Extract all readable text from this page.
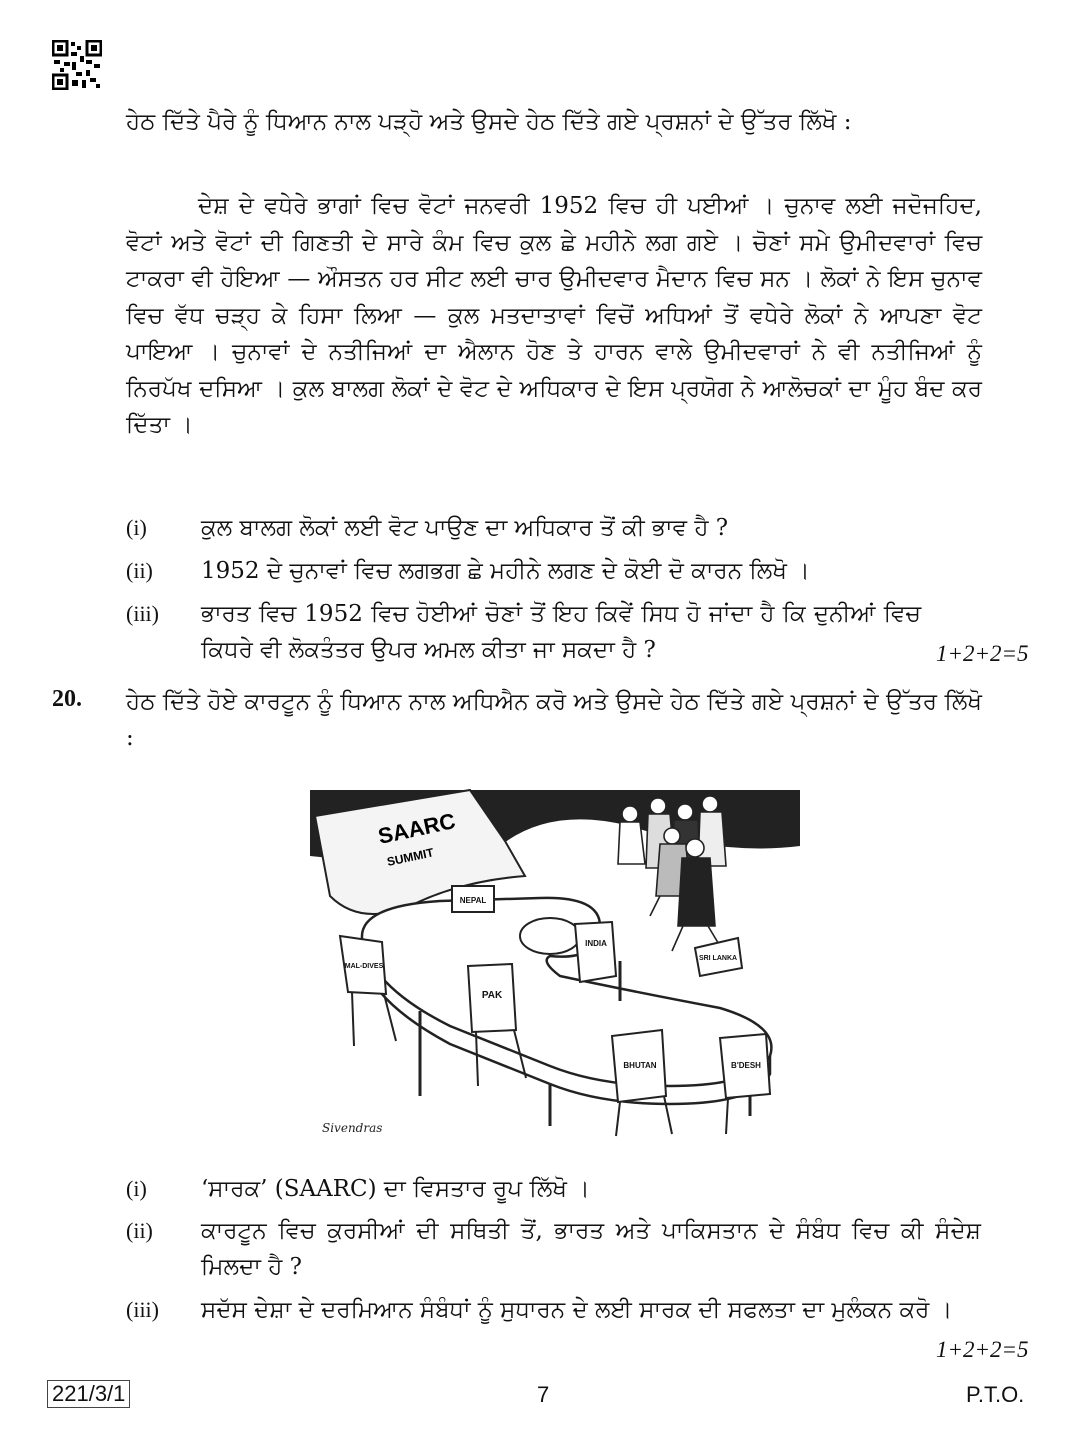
ਹੇਠ ਦਿੱਤੇ ਪੈਰੇ ਨੂੰ ਧਿਆਨ ਨਾਲ ਪੜ੍ਹੋ ਅਤੇ ਉਸਦੇ ਹੇਠ ਦਿੱਤੇ ਗਏ ਪ੍ਰਸ਼ਨਾਂ ਦੇ ਉੱਤਰ ਲਿੱਖੋ :
ਦੇਸ਼ ਦੇ ਵਧੇਰੇ ਭਾਗਾਂ ਵਿਚ ਵੋਟਾਂ ਜਨਵਰੀ 1952 ਵਿਚ ਹੀ ਪਈਆਂ । ਚੁਨਾਵ ਲਈ ਜਦੋਜਹਿਦ, ਵੋਟਾਂ ਅਤੇ ਵੋਟਾਂ ਦੀ ਗਿਣਤੀ ਦੇ ਸਾਰੇ ਕੰਮ ਵਿਚ ਕੁਲ ਛੇ ਮਹੀਨੇ ਲਗ ਗਏ । ਚੋਣਾਂ ਸਮੇ ਉਮੀਦਵਾਰਾਂ ਵਿਚ ਟਾਕਰਾ ਵੀ ਹੋਇਆ — ਔਸਤਨ ਹਰ ਸੀਟ ਲਈ ਚਾਰ ਉਮੀਦਵਾਰ ਮੈਦਾਨ ਵਿਚ ਸਨ । ਲੋਕਾਂ ਨੇ ਇਸ ਚੁਨਾਵ ਵਿਚ ਵੱਧ ਚੜ੍ਹ ਕੇ ਹਿਸਾ ਲਿਆ — ਕੁਲ ਮਤਦਾਤਾਵਾਂ ਵਿਚੋਂ ਅਧਿਆਂ ਤੋਂ ਵਧੇਰੇ ਲੋਕਾਂ ਨੇ ਆਪਣਾ ਵੋਟ ਪਾਇਆ । ਚੁਨਾਵਾਂ ਦੇ ਨਤੀਜਿਆਂ ਦਾ ਐਲਾਨ ਹੋਣ ਤੇ ਹਾਰਨ ਵਾਲੇ ਉਮੀਦਵਾਰਾਂ ਨੇ ਵੀ ਨਤੀਜਿਆਂ ਨੂੰ ਨਿਰਪੱਖ ਦਸਿਆ । ਕੁਲ ਬਾਲਗ ਲੋਕਾਂ ਦੇ ਵੋਟ ਦੇ ਅਧਿਕਾਰ ਦੇ ਇਸ ਪ੍ਰਯੋਗ ਨੇ ਆਲੋਚਕਾਂ ਦਾ ਮੂੰਹ ਬੰਦ ਕਰ ਦਿੱਤਾ ।
(i)	ਕੁਲ ਬਾਲਗ ਲੋਕਾਂ ਲਈ ਵੋਟ ਪਾਉਣ ਦਾ ਅਧਿਕਾਰ ਤੋਂ ਕੀ ਭਾਵ ਹੈ ?
(ii)	1952 ਦੇ ਚੁਨਾਵਾਂ ਵਿਚ ਲਗਭਗ ਛੇ ਮਹੀਨੇ ਲਗਣ ਦੇ ਕੋਈ ਦੋ ਕਾਰਨ ਲਿਖੋ ।
(iii)	ਭਾਰਤ ਵਿਚ 1952 ਵਿਚ ਹੋਈਆਂ ਚੋਣਾਂ ਤੋਂ ਇਹ ਕਿਵੇਂ ਸਿਧ ਹੋ ਜਾਂਦਾ ਹੈ ਕਿ ਦੁਨੀਆਂ ਵਿਚ ਕਿਧਰੇ ਵੀ ਲੋਕਤੰਤਰ ਉਪਰ ਅਮਲ ਕੀਤਾ ਜਾ ਸਕਦਾ ਹੈ ?	1+2+2=5
20. ਹੇਠ ਦਿੱਤੇ ਹੋਏ ਕਾਰਟੂਨ ਨੂੰ ਧਿਆਨ ਨਾਲ ਅਧਿਐਨ ਕਰੋ ਅਤੇ ਉਸਦੇ ਹੇਠ ਦਿੱਤੇ ਗਏ ਪ੍ਰਸ਼ਨਾਂ ਦੇ ਉੱਤਰ ਲਿੱਖੋ :
SAARC
SUMMIT
NEPAL
INDIA
SRI LANKA
MAL-DIVES
PAK
BHUTAN	B'DESH
Sivendras
(i)	‘ਸਾਰਕ’ (SAARC) ਦਾ ਵਿਸਤਾਰ ਰੂਪ ਲਿੱਖੋ ।
(ii)	ਕਾਰਟੂਨ ਵਿਚ ਕੁਰਸੀਆਂ ਦੀ ਸਥਿਤੀ ਤੋਂ, ਭਾਰਤ ਅਤੇ ਪਾਕਿਸਤਾਨ ਦੇ ਸੰਬੰਧ ਵਿਚ ਕੀ ਸੰਦੇਸ਼ ਮਿਲਦਾ ਹੈ ?
(iii)	ਸਦੱਸ ਦੇਸ਼ਾ ਦੇ ਦਰਮਿਆਨ ਸੰਬੰਧਾਂ ਨੂੰ ਸੁਧਾਰਨ ਦੇ ਲਈ ਸਾਰਕ ਦੀ ਸਫਲਤਾ ਦਾ ਮੁਲੰਕਨ ਕਰੋ ।
1+2+2=5
221/3/1	7	P.T.O.
